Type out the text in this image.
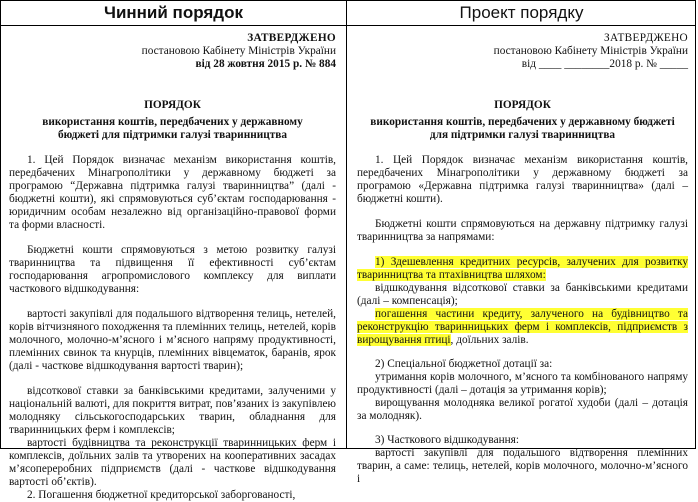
Чинний порядок
ЗАТВЕРДЖЕНО
постановою Кабінету Міністрів України
від 28 жовтня 2015 р. № 884
ПОРЯДОК
використання коштів, передбачених у державному
бюджеті для підтримки галузі тваринництва

1. Цей Порядок визначає механізм використання коштів, передбачених Мінагрополітики у державному бюджеті за програмою “Державна підтримка галузі тваринництва” (далі - бюджетні кошти), які спрямовуються суб’єктам господарювання - юридичним особам незалежно від організаційно-правової форми та форми власності.

Бюджетні кошти спрямовуються з метою розвитку галузі тваринництва та підвищення її ефективності суб’єктам господарювання агропромислового комплексу для виплати часткового відшкодування:

вартості закупівлі для подальшого відтворення телиць, нетелей, корів вітчизняного походження та племінних телиць, нетелей, корів молочного, молочно-м’ясного і м’ясного напряму продуктивності, племінних свинок та кнурців, племінних вівцематок, баранів, ярок (далі - часткове відшкодування вартості тварин);

відсоткової ставки за банківськими кредитами, залученими у національній валюті, для покриття витрат, пов’язаних із закупівлею молодняку сільськогосподарських тварин, обладнання для тваринницьких ферм і комплексів;

вартості будівництва та реконструкції тваринницьких ферм і комплексів, доїльних залів та утворених на кооперативних засадах м’ясопереробних підприємств (далі - часткове відшкодування вартості об’єктів).

2. Погашення бюджетної кредиторської заборгованості,

Проект порядку
ЗАТВЕРДЖЕНО
постановою Кабінету Міністрів України
від ____ ________2018 р. № _____
ПОРЯДОК
використання коштів, передбачених у державному бюджеті
для підтримки галузі тваринництва

1. Цей Порядок визначає механізм використання коштів, передбачених Мінагрополітики у державному бюджеті за програмою «Державна підтримка галузі тваринництва» (далі – бюджетні кошти).

Бюджетні кошти спрямовуються на державну підтримку галузі тваринництва за напрямами:

1) Здешевлення кредитних ресурсів, залучених для розвитку тваринництва та птахівництва шляхом:

відшкодування відсоткової ставки за банківськими кредитами (далі – компенсація);

погашення частини кредиту, залученого на будівництво та реконструкцію тваринницьких ферм і комплексів, підприємств з вирощування птиці, доїльних залів.

2) Спеціальної бюджетної дотації за:

утримання корів молочного, м’ясного та комбінованого напряму продуктивності (далі – дотація за утримання корів);

вирощування молодняка великої рогатої худоби (далі – дотація за молодняк).

3) Часткового відшкодування:

вартості закупівлі для подальшого відтворення племінних тварин, а саме: телиць, нетелей, корів молочного, молочно-м’ясного і
